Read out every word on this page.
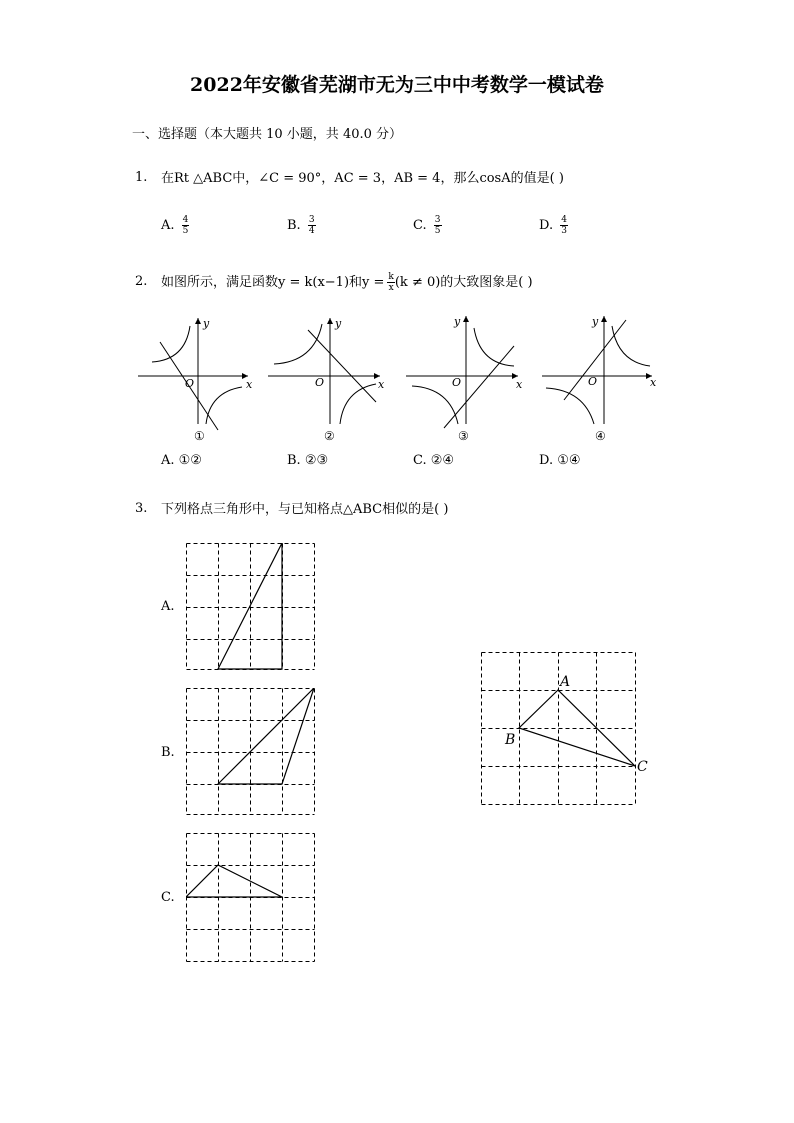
2022年安徽省芜湖市无为三中中考数学一模试卷
一、选择题（本大题共 10 小题，共 40.0 分）
1. 在Rt △ABC中，∠C = 90°，AC = 3，AB = 4，那么cosA的值是( )
A. $\frac{4}{5}$	B. $\frac{3}{4}$	C. $\frac{3}{5}$	D. $\frac{4}{3}$
2. 如图所示，满足函数y = k(x−1)和$y = \frac{k}{x} (k \ne 0)$的大致图象是( )
x
y
O	x
y
O	x
y
O	x
y
O
①	②	③	④
A. ①②	B. ②③	C. ②④	D. ①④
3. 下列格点三角形中，与已知格点△ABC相似的是( )
A.
B.
C.
A
B
C
